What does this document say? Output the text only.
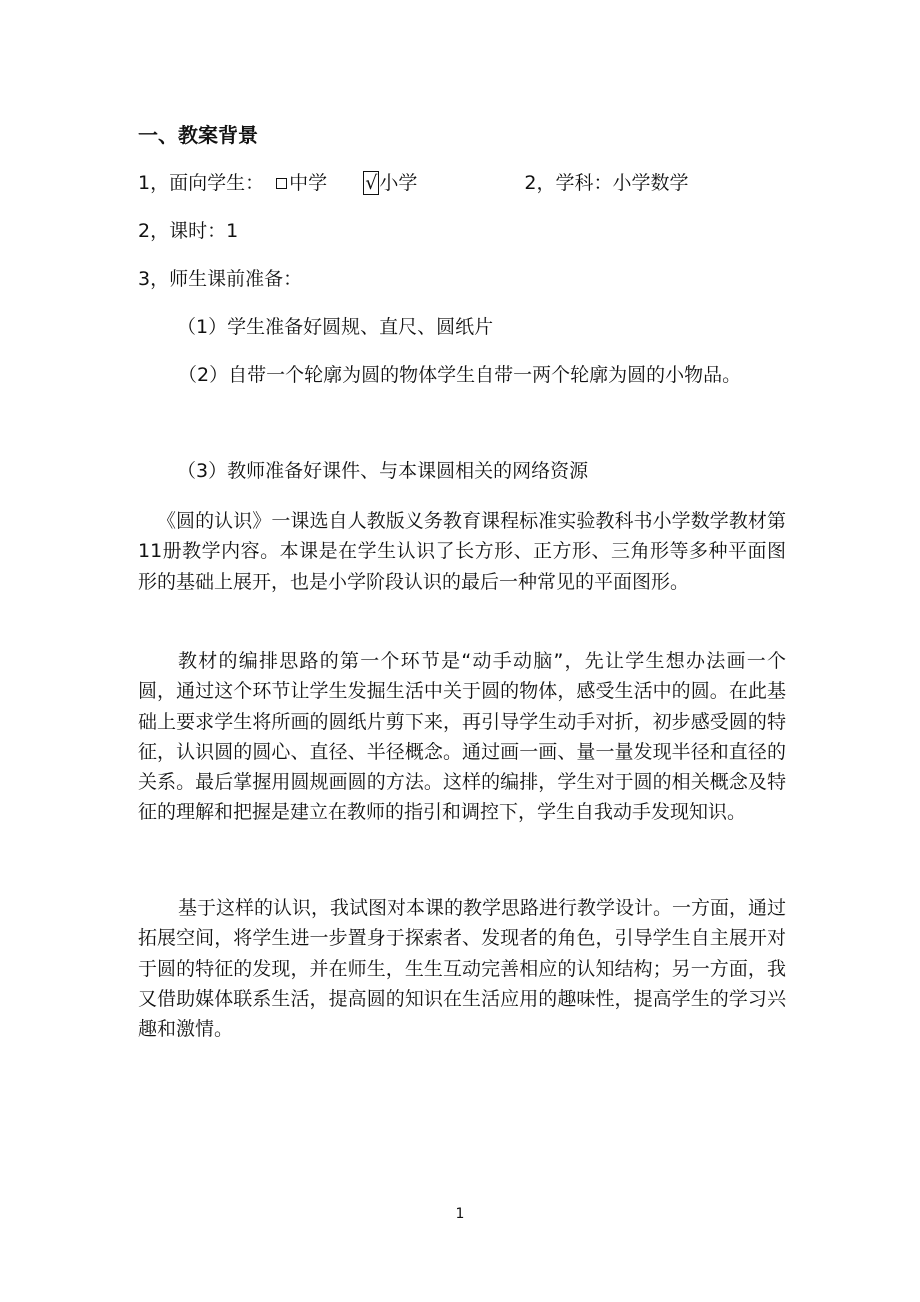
一、教案背景
1，面向学生： 中学 √ 小学	2，学科：小学数学
2，课时：1
3，师生课前准备：
（1）学生准备好圆规、直尺、圆纸片
（2）自带一个轮廓为圆的物体学生自带一两个轮廓为圆的小物品。
（3）教师准备好课件、与本课圆相关的网络资源
《圆的认识》一课选自人教版义务教育课程标准实验教科书小学数学教材第11册教学内容。本课是在学生认识了长方形、正方形、三角形等多种平面图形的基础上展开，也是小学阶段认识的最后一种常见的平面图形。
教材的编排思路的第一个环节是“动手动脑”，先让学生想办法画一个圆，通过这个环节让学生发掘生活中关于圆的物体，感受生活中的圆。在此基础上要求学生将所画的圆纸片剪下来，再引导学生动手对折，初步感受圆的特征，认识圆的圆心、直径、半径概念。通过画一画、量一量发现半径和直径的关系。最后掌握用圆规画圆的方法。这样的编排，学生对于圆的相关概念及特征的理解和把握是建立在教师的指引和调控下，学生自我动手发现知识。
基于这样的认识，我试图对本课的教学思路进行教学设计。一方面，通过拓展空间，将学生进一步置身于探索者、发现者的角色，引导学生自主展开对于圆的特征的发现，并在师生，生生互动完善相应的认知结构；另一方面，我又借助媒体联系生活，提高圆的知识在生活应用的趣味性，提高学生的学习兴趣和激情。
1
